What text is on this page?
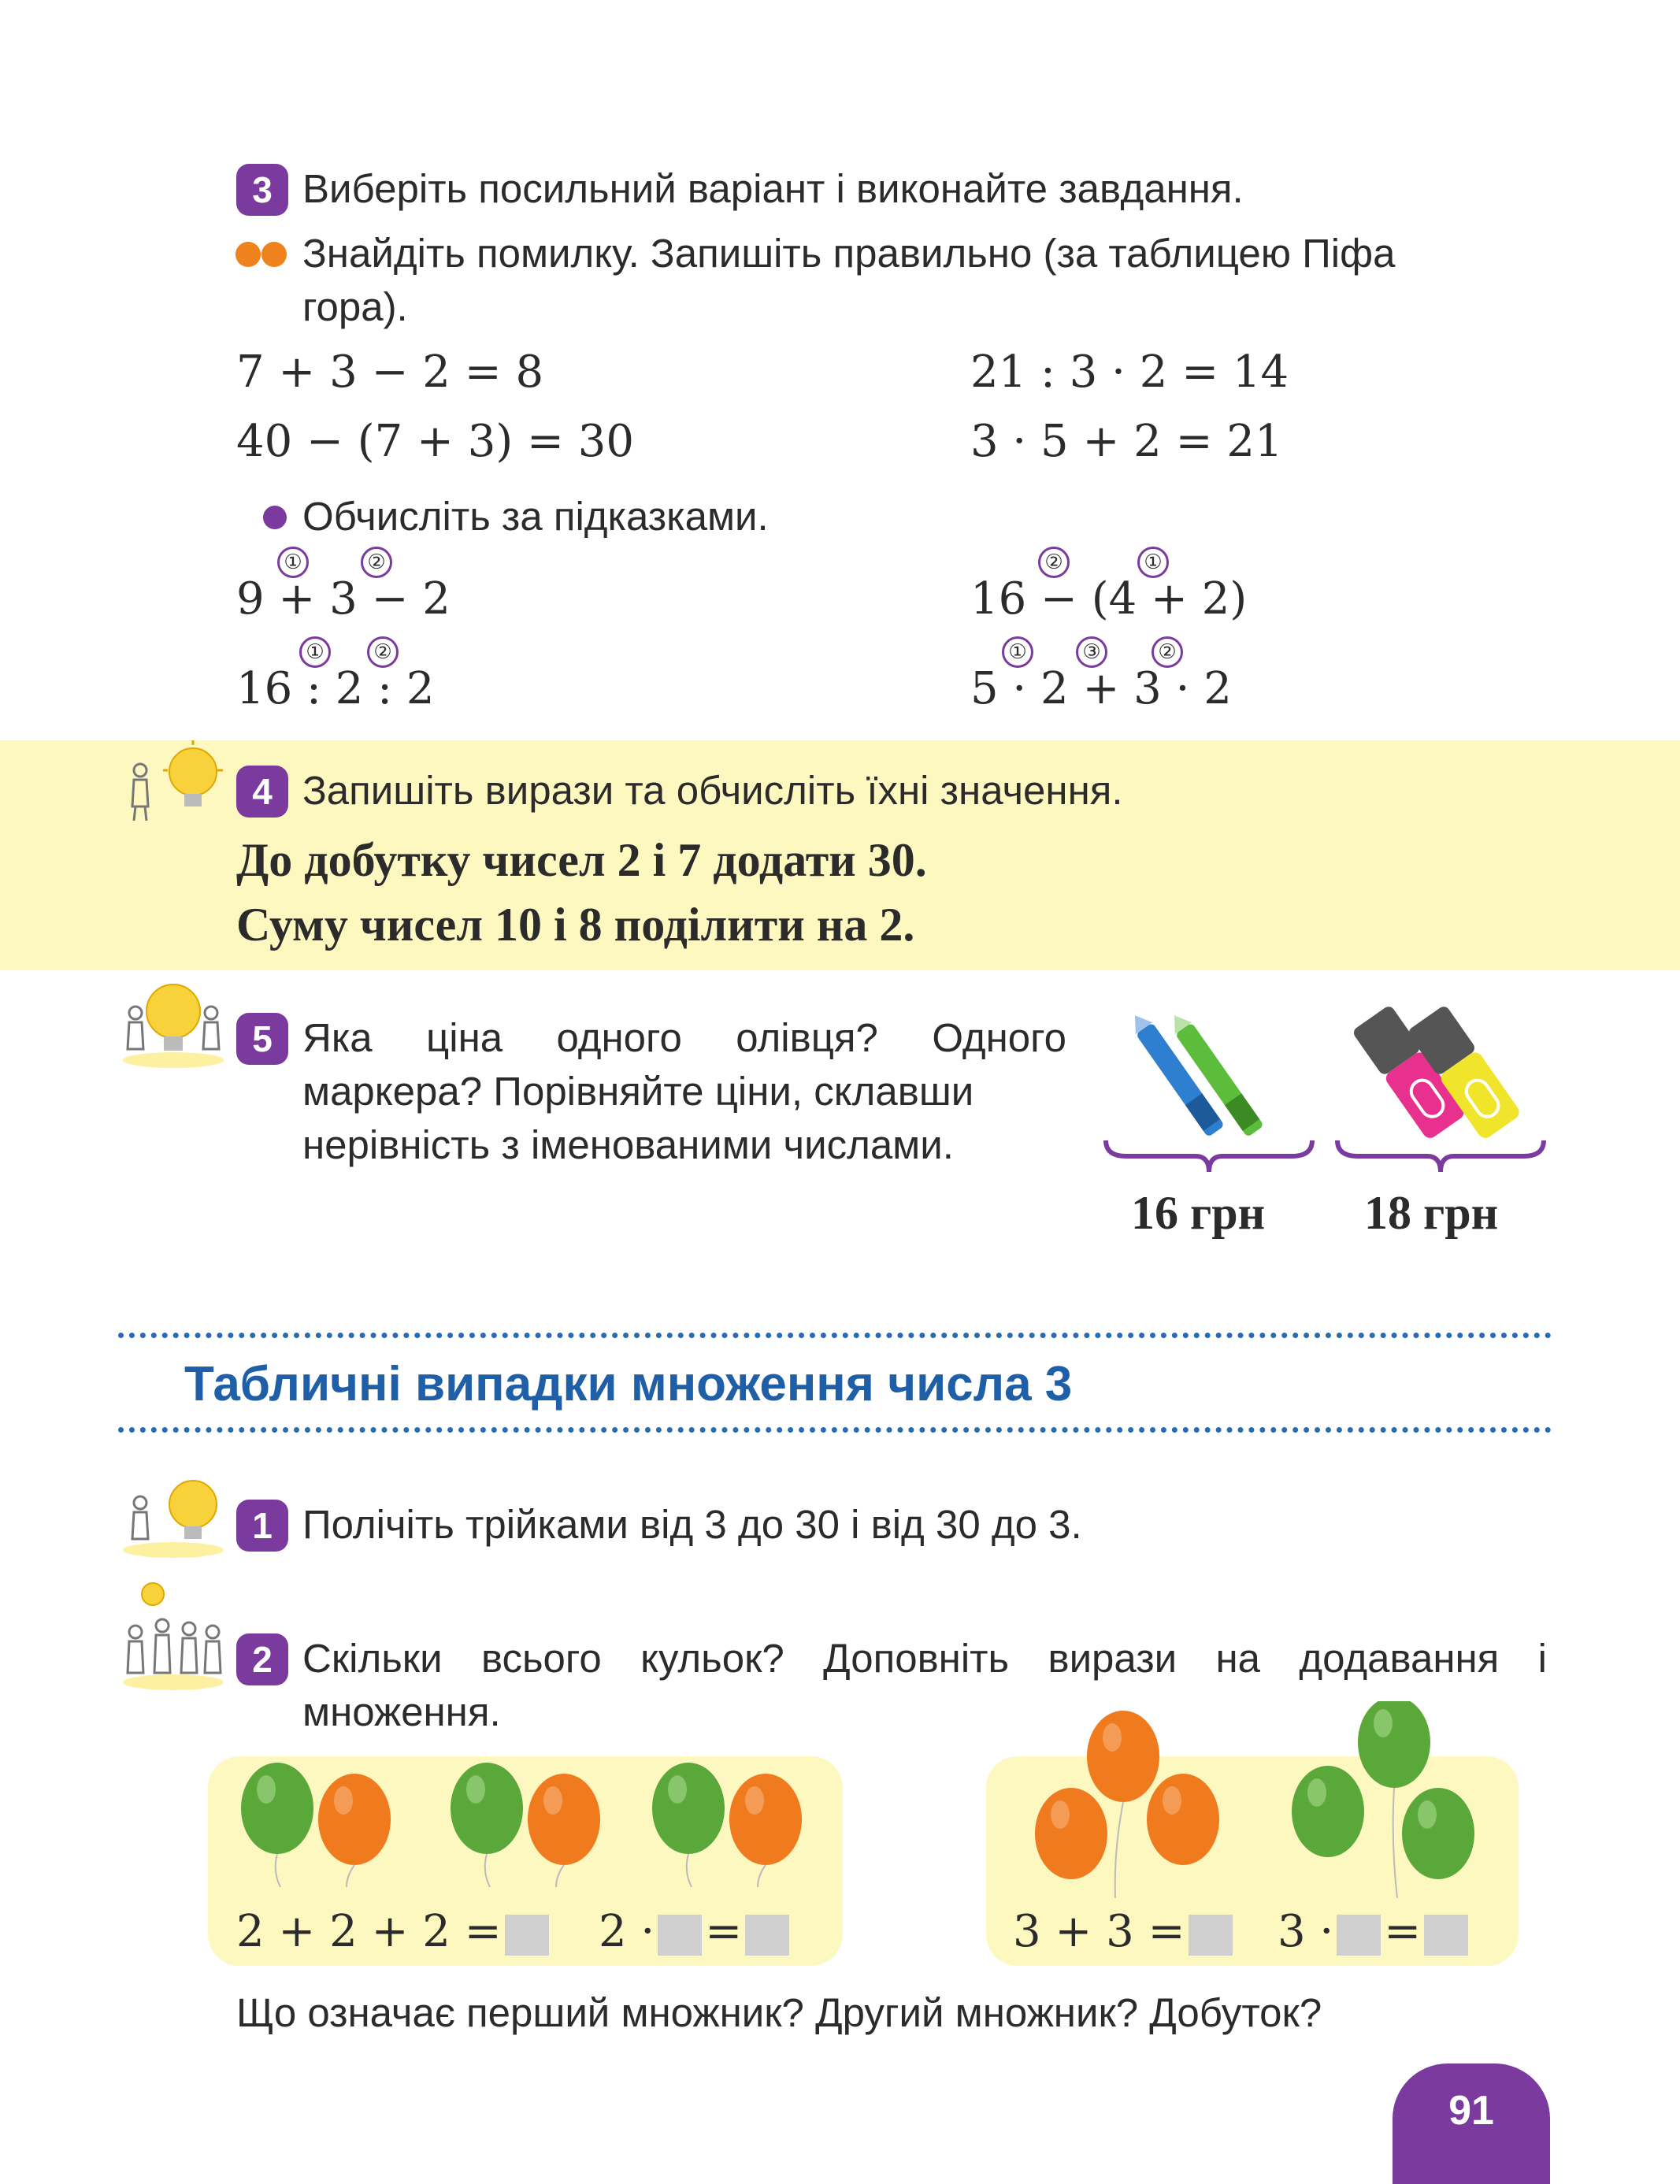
3 Виберіть посильний варіант і виконайте завдання.
Знайдіть помилку. Запишіть правильно (за таблицею Піфа
гора).
7 + 3 − 2 = 8
40 − (7 + 3) = 30
21 : 3 · 2 = 14
3 · 5 + 2 = 21
Обчисліть за підказками.
①	②
9 + 3 − 2
①	②
16 : 2 : 2
②	①
16 − (4 + 2)
①	③	②
5 · 2 + 3 · 2
4 Запишіть вирази та обчисліть їхні значення.
До добутку чисел 2 і 7 додати 30.
Суму чисел 10 і 8 поділити на 2.
5 Яка ціна одного олівця? Одного
маркера? Порівняйте ціни, склавши
нерівність з іменованими числами.
16 грн 18 грн
Табличні випадки множення числа 3
1 Полічіть трійками від 3 до 30 і від 30 до 3.
2 Скільки всього кульок? Доповніть вирази на додавання і
множення.
2 + 2 + 2 =	2 · =	3 + 3 =	3 · =
Що означає перший множник? Другий множник? Добуток?
91
